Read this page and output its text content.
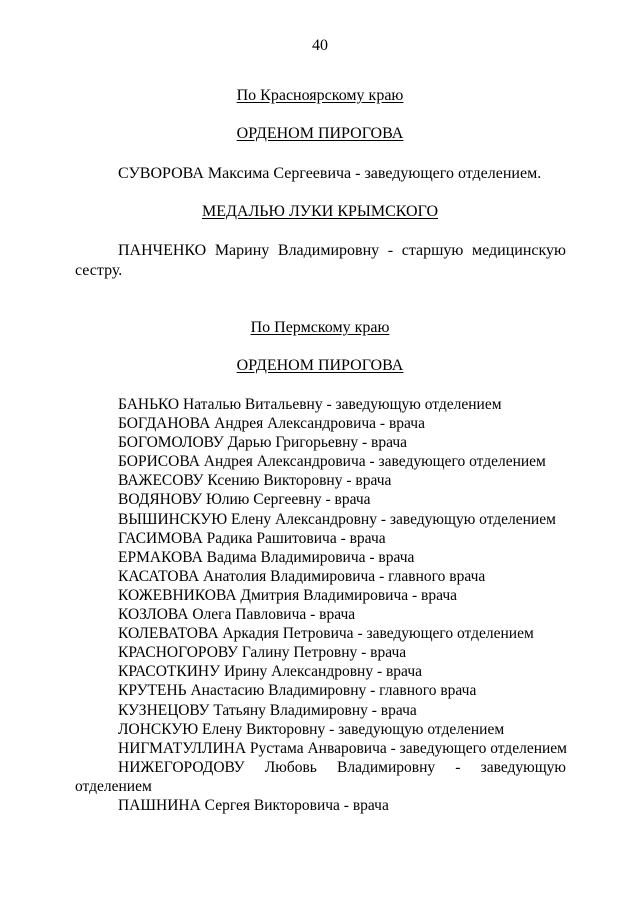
40
По Красноярскому краю
ОРДЕНОМ ПИРОГОВА
СУВОРОВА Максима Сергеевича - заведующего отделением.
МЕДАЛЬЮ ЛУКИ КРЫМСКОГО
ПАНЧЕНКО Марину Владимировну - старшую медицинскую
сестру.
По Пермскому краю
ОРДЕНОМ ПИРОГОВА
БАНЬКО Наталью Витальевну - заведующую отделением
БОГДАНОВА Андрея Александровича - врача
БОГОМОЛОВУ Дарью Григорьевну - врача
БОРИСОВА Андрея Александровича - заведующего отделением
ВАЖЕСОВУ Ксению Викторовну - врача
ВОДЯНОВУ Юлию Сергеевну - врача
ВЫШИНСКУЮ Елену Александровну - заведующую отделением
ГАСИМОВА Радика Рашитовича - врача
ЕРМАКОВА Вадима Владимировича - врача
КАСАТОВА Анатолия Владимировича - главного врача
КОЖЕВНИКОВА Дмитрия Владимировича - врача
КОЗЛОВА Олега Павловича - врача
КОЛЕВАТОВА Аркадия Петровича - заведующего отделением
КРАСНОГОРОВУ Галину Петровну - врача
КРАСОТКИНУ Ирину Александровну - врача
КРУТЕНЬ Анастасию Владимировну - главного врача
КУЗНЕЦОВУ Татьяну Владимировну - врача
ЛОНСКУЮ Елену Викторовну - заведующую отделением
НИГМАТУЛЛИНА Рустама Анваровича - заведующего отделением
НИЖЕГОРОДОВУ Любовь Владимировну - заведующую отделением
ПАШНИНА Сергея Викторовича - врача
